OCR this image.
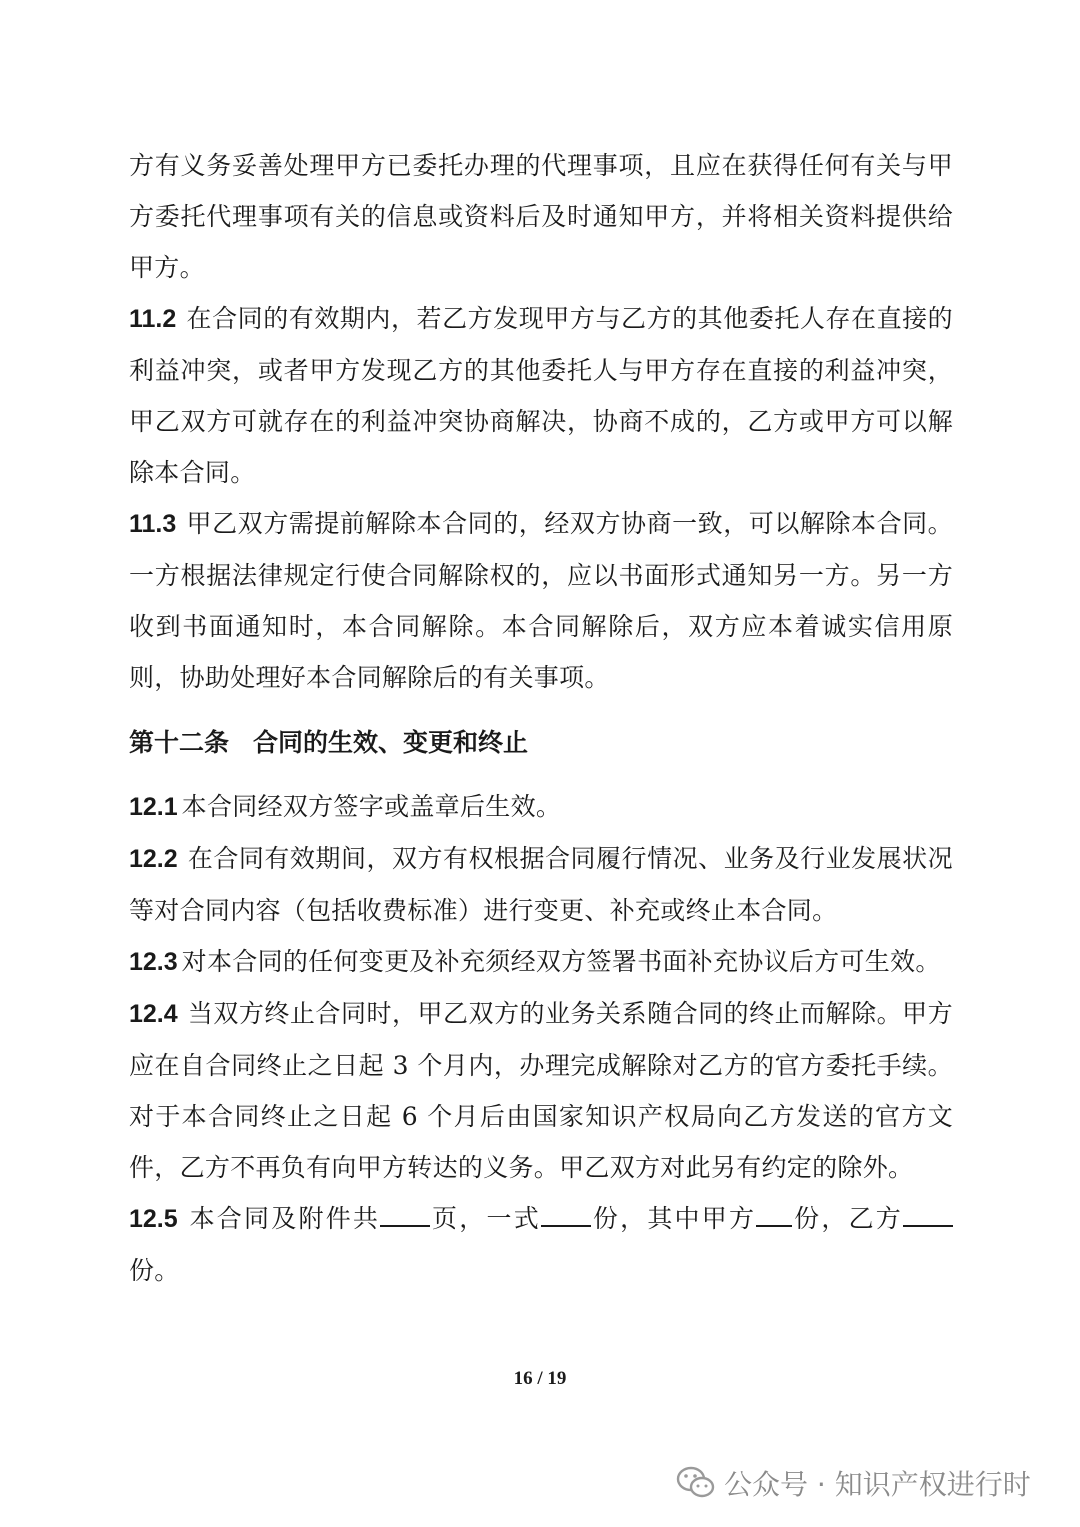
方有义务妥善处理甲方已委托办理的代理事项，且应在获得任何有关与甲方委托代理事项有关的信息或资料后及时通知甲方，并将相关资料提供给甲方。

11.2 在合同的有效期内，若乙方发现甲方与乙方的其他委托人存在直接的利益冲突，或者甲方发现乙方的其他委托人与甲方存在直接的利益冲突，甲乙双方可就存在的利益冲突协商解决，协商不成的，乙方或甲方可以解除本合同。

11.3 甲乙双方需提前解除本合同的，经双方协商一致，可以解除本合同。一方根据法律规定行使合同解除权的，应以书面形式通知另一方。另一方收到书面通知时，本合同解除。本合同解除后，双方应本着诚实信用原则，协助处理好本合同解除后的有关事项。

第十二条 合同的生效、变更和终止

12.1 本合同经双方签字或盖章后生效。

12.2 在合同有效期间，双方有权根据合同履行情况、业务及行业发展状况等对合同内容（包括收费标准）进行变更、补充或终止本合同。

12.3 对本合同的任何变更及补充须经双方签署书面补充协议后方可生效。

12.4 当双方终止合同时，甲乙双方的业务关系随合同的终止而解除。甲方应在自合同终止之日起 3 个月内，办理完成解除对乙方的官方委托手续。对于本合同终止之日起 6 个月后由国家知识产权局向乙方发送的官方文件，乙方不再负有向甲方转达的义务。甲乙双方对此另有约定的除外。

12.5 本合同及附件共 页，一式 份，其中甲方 份，乙方份。

16 / 19
公众号 · 知识产权进行时
